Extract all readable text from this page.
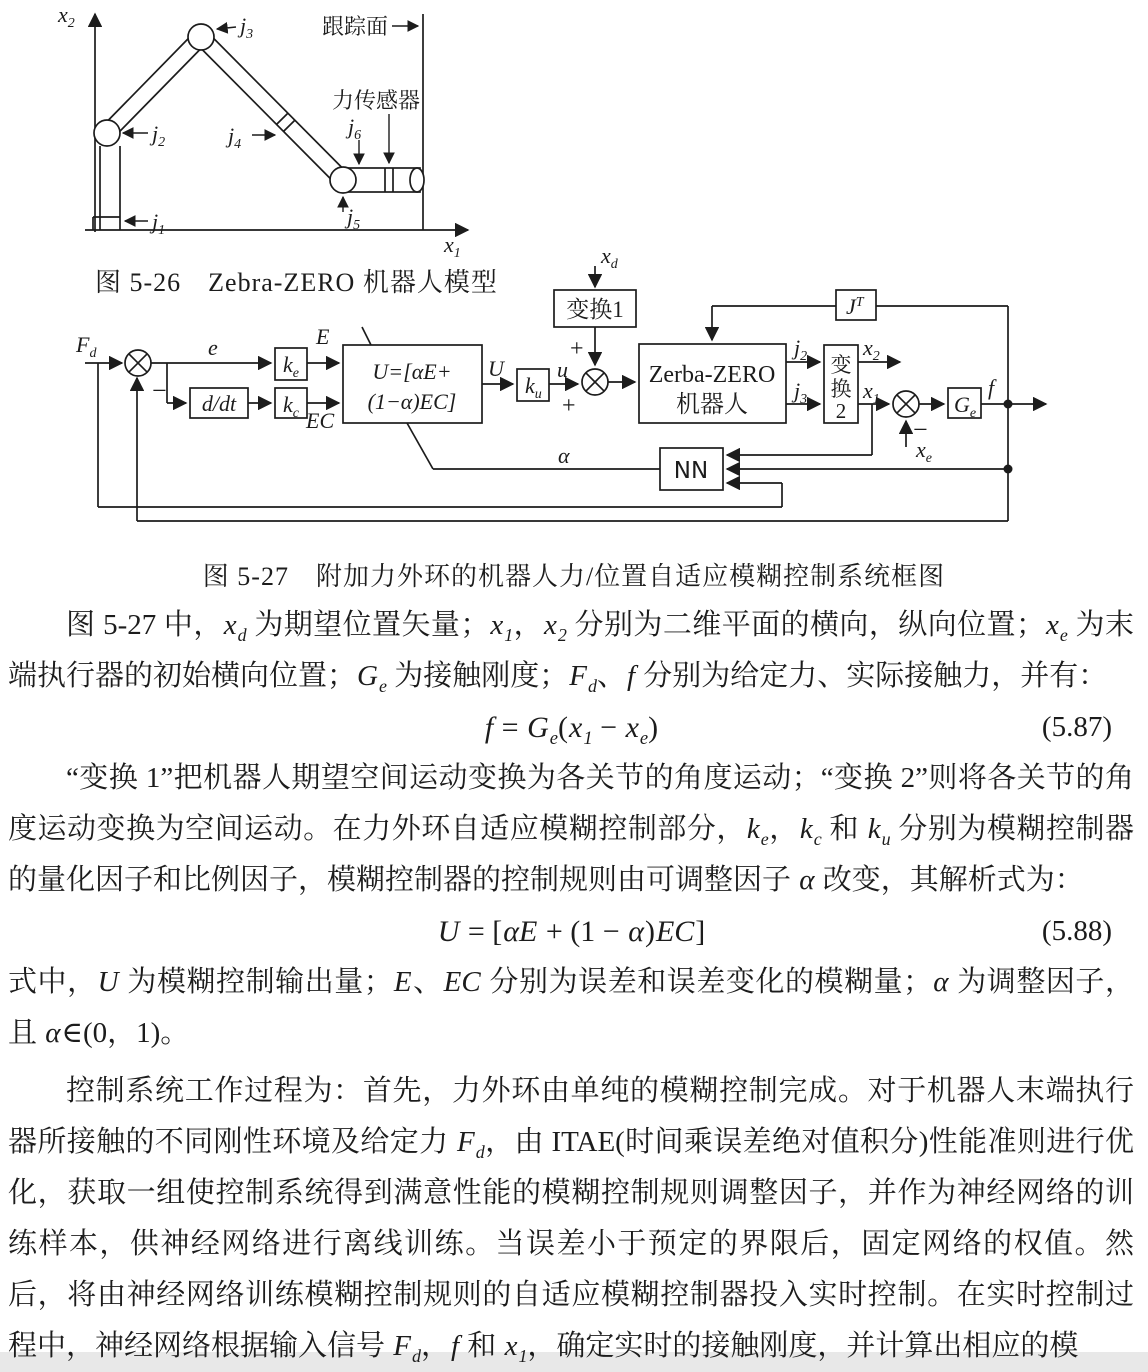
$x_2$
$x_1$
$j_1$
$j_2$
$j_3$
$j_4$
$j_5$
$j_6$
力传感器
跟踪面
图 5-26　Zebra-ZERO 机器人模型
$F_d$
−
e
d/dt
$k_e$
$k_c$
E
EC
U=[αE+
(1−α)EC]
α
U
$k_u$
u
$x_d$
变换1
+
+
Zerba-ZERO
机器人
$J^T$
$j_2$
$j_3$
变
换
2
$x_2$
$x_1$
−
$x_e$
$G_e$
f
NN
图 5-27　附加力外环的机器人力/位置自适应模糊控制系统框图

图 5-27 中，$x_d$ 为期望位置矢量；$x_1$，$x_2$ 分别为二维平面的横向，纵向位置；$x_e$ 为末端执行器的初始横向位置；$G_e$ 为接触刚度；$F_d$、f 分别为给定力、实际接触力，并有：

$f = G_e(x_1 - x_e)$	(5.87)

“变换 1”把机器人期望空间运动变换为各关节的角度运动；“变换 2”则将各关节的角度运动变换为空间运动。在力外环自适应模糊控制部分，$k_e$，$k_c$ 和 $k_u$ 分别为模糊控制器的量化因子和比例因子，模糊控制器的控制规则由可调整因子 α 改变，其解析式为：

U = [αE + (1 − α)EC]	(5.88)

式中，U 为模糊控制输出量；E、EC 分别为误差和误差变化的模糊量；α 为调整因子，且 α∈(0，1)。

控制系统工作过程为：首先，力外环由单纯的模糊控制完成。对于机器人末端执行器所接触的不同刚性环境及给定力 $F_d$，由 ITAE(时间乘误差绝对值积分)性能准则进行优化，获取一组使控制系统得到满意性能的模糊控制规则调整因子，并作为神经网络的训练样本，供神经网络进行离线训练。当误差小于预定的界限后，固定网络的权值。然后，将由神经网络训练模糊控制规则的自适应模糊控制器投入实时控制。在实时控制过程中，神经网络根据输入信号 $F_d$，f 和 $x_1$，确定实时的接触刚度，并计算出相应的模
